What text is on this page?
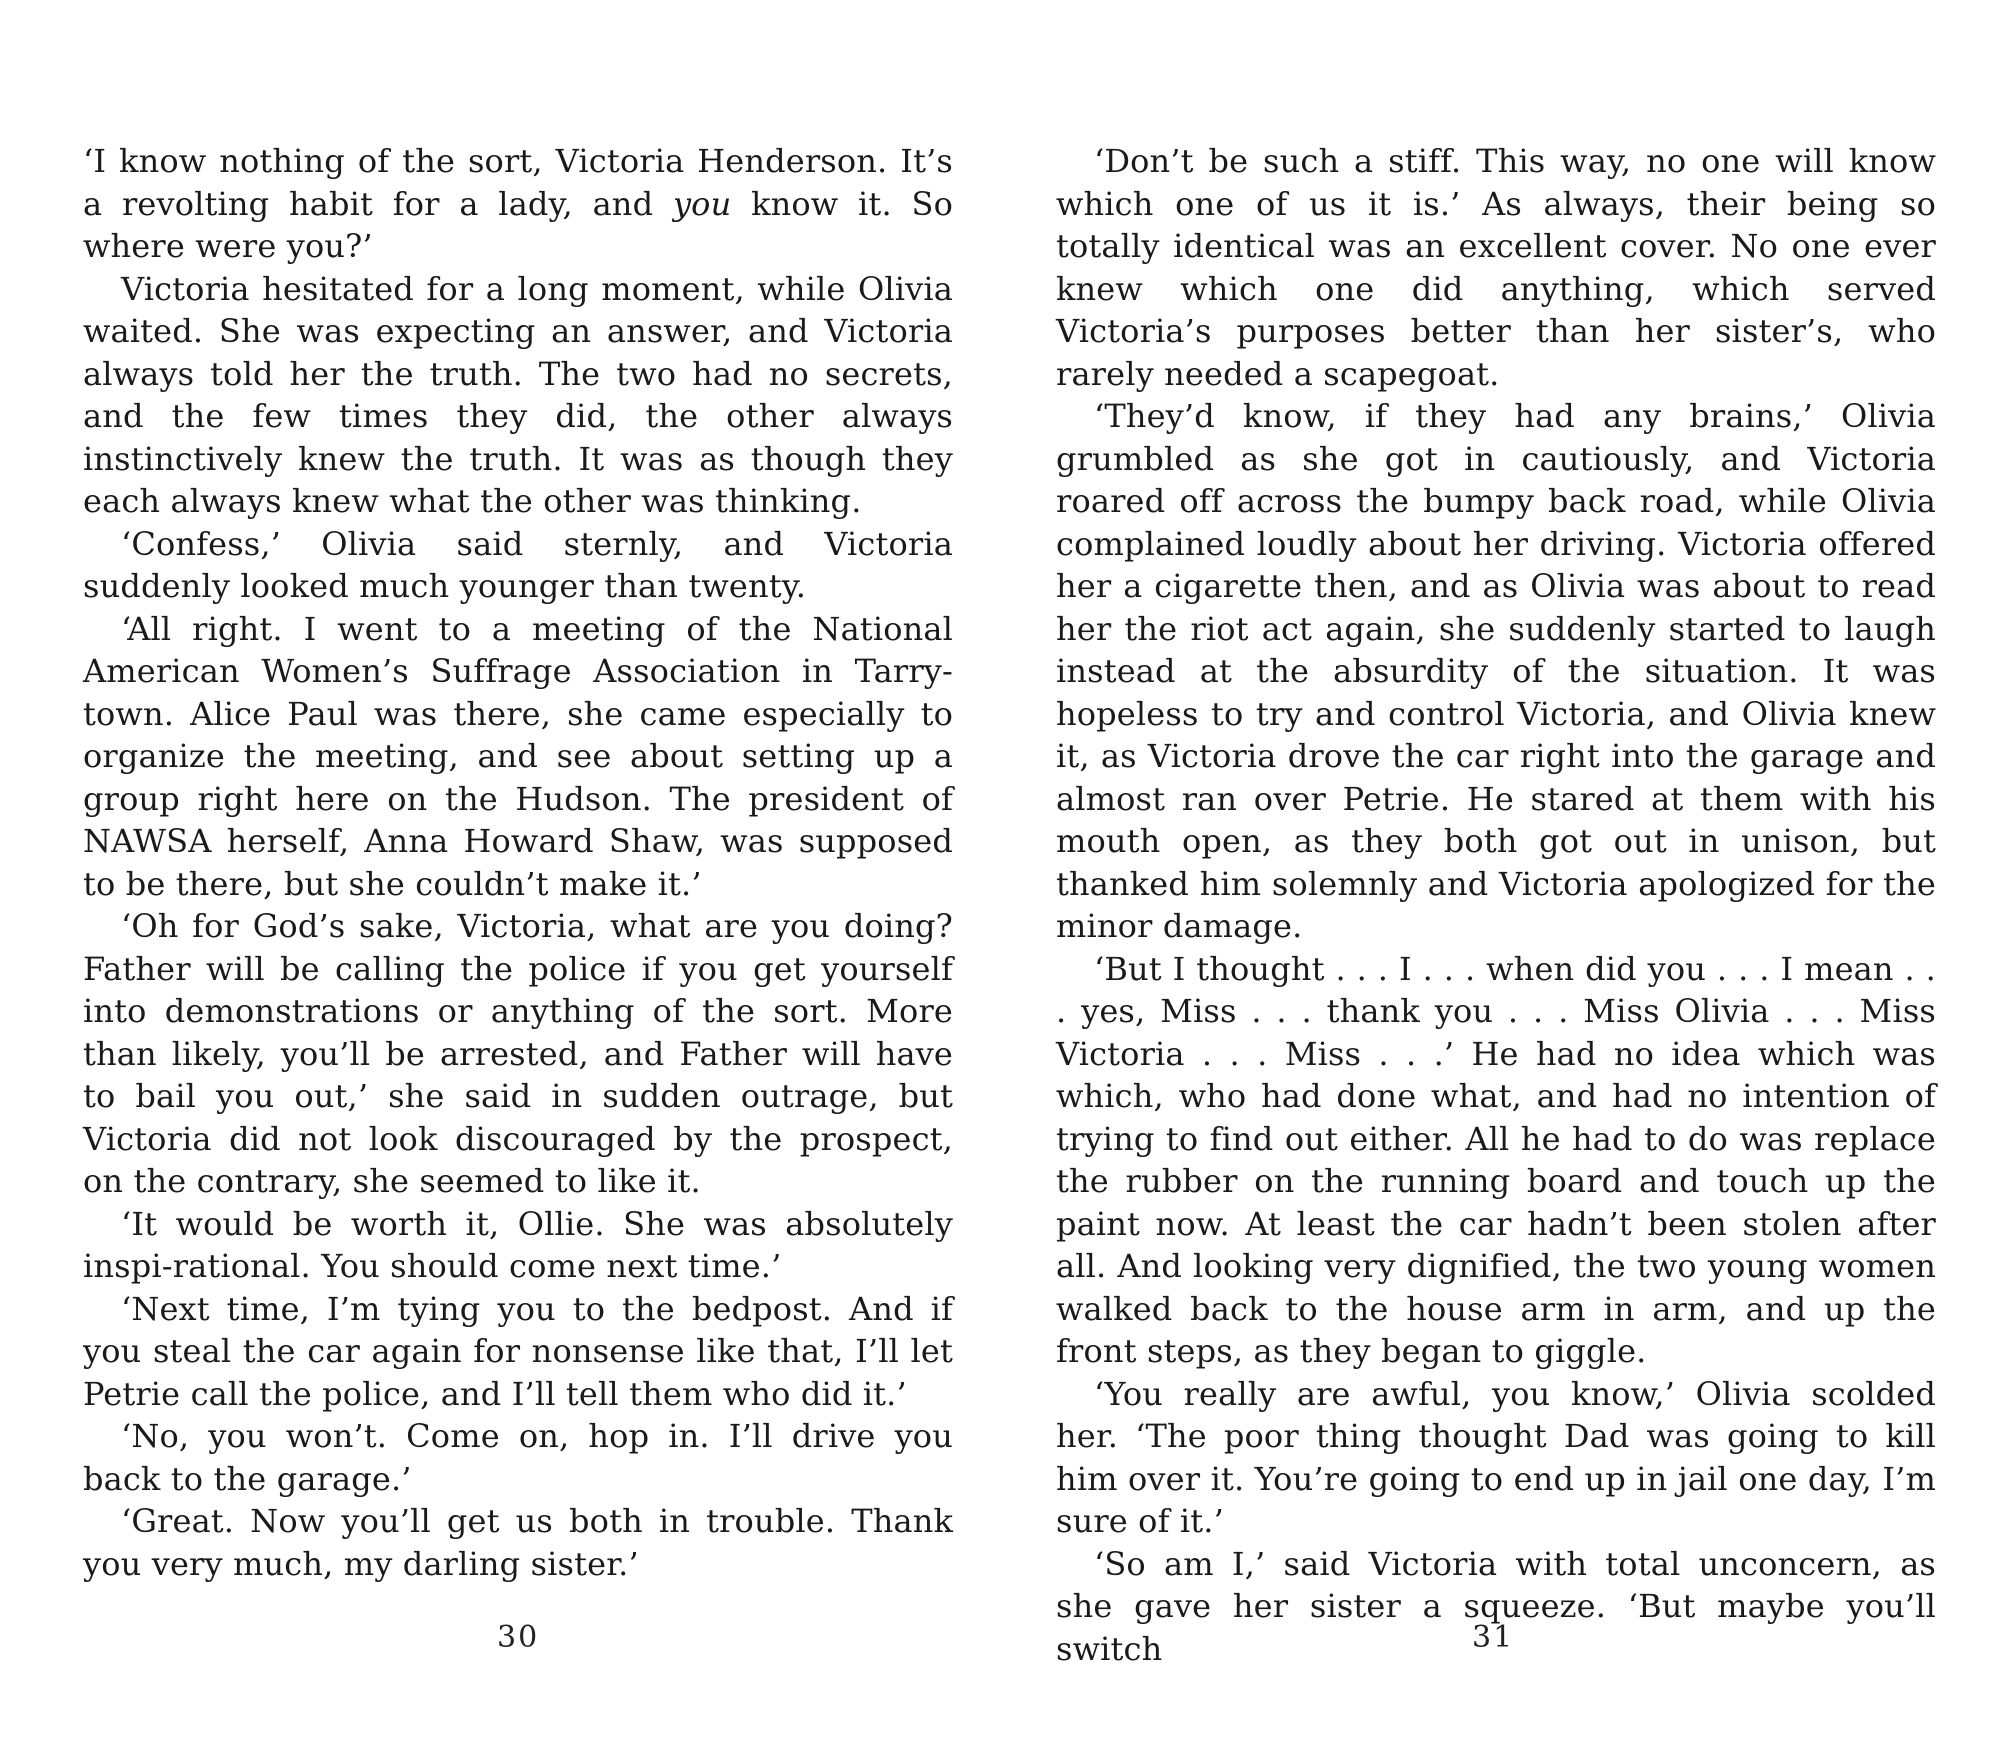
‘I know nothing of the sort, Victoria Henderson. It’s a revolting habit for a lady, and you know it. So where were you?’

Victoria hesitated for a long moment, while Olivia waited. She was expecting an answer, and Victoria always told her the truth. The two had no secrets, and the few times they did, the other always instinctively knew the truth. It was as though they each always knew what the other was thinking.

‘Confess,’ Olivia said sternly, and Victoria suddenly looked much younger than twenty.

‘All right. I went to a meeting of the National American Women’s Suffrage Association in Tarry-town. Alice Paul was there, she came especially to organize the meeting, and see about setting up a group right here on the Hudson. The president of NAWSA herself, Anna Howard Shaw, was supposed to be there, but she couldn’t make it.’

‘Oh for God’s sake, Victoria, what are you doing? Father will be calling the police if you get yourself into demonstrations or anything of the sort. More than likely, you’ll be arrested, and Father will have to bail you out,’ she said in sudden outrage, but Victoria did not look discouraged by the prospect, on the contrary, she seemed to like it.

‘It would be worth it, Ollie. She was absolutely inspi-rational. You should come next time.’

‘Next time, I’m tying you to the bedpost. And if you steal the car again for nonsense like that, I’ll let Petrie call the police, and I’ll tell them who did it.’

‘No, you won’t. Come on, hop in. I’ll drive you back to the garage.’

‘Great. Now you’ll get us both in trouble. Thank you very much, my darling sister.’

30

‘Don’t be such a stiff. This way, no one will know which one of us it is.’ As always, their being so totally identical was an excellent cover. No one ever knew which one did anything, which served Victoria’s purposes better than her sister’s, who rarely needed a scapegoat.

‘They’d know, if they had any brains,’ Olivia grumbled as she got in cautiously, and Victoria roared off across the bumpy back road, while Olivia complained loudly about her driving. Victoria offered her a cigarette then, and as Olivia was about to read her the riot act again, she suddenly started to laugh instead at the absurdity of the situation. It was hopeless to try and control Victoria, and Olivia knew it, as Victoria drove the car right into the garage and almost ran over Petrie. He stared at them with his mouth open, as they both got out in unison, but thanked him solemnly and Victoria apologized for the minor damage.

‘But I thought . . . I . . . when did you . . . I mean . . . yes, Miss . . . thank you . . . Miss Olivia . . . Miss Victoria . . . Miss . . .’ He had no idea which was which, who had done what, and had no intention of trying to find out either. All he had to do was replace the rubber on the running board and touch up the paint now. At least the car hadn’t been stolen after all. And looking very dignified, the two young women walked back to the house arm in arm, and up the front steps, as they began to giggle.

‘You really are awful, you know,’ Olivia scolded her. ‘The poor thing thought Dad was going to kill him over it. You’re going to end up in jail one day, I’m sure of it.’

‘So am I,’ said Victoria with total unconcern, as she gave her sister a squeeze. ‘But maybe you’ll switch	31
